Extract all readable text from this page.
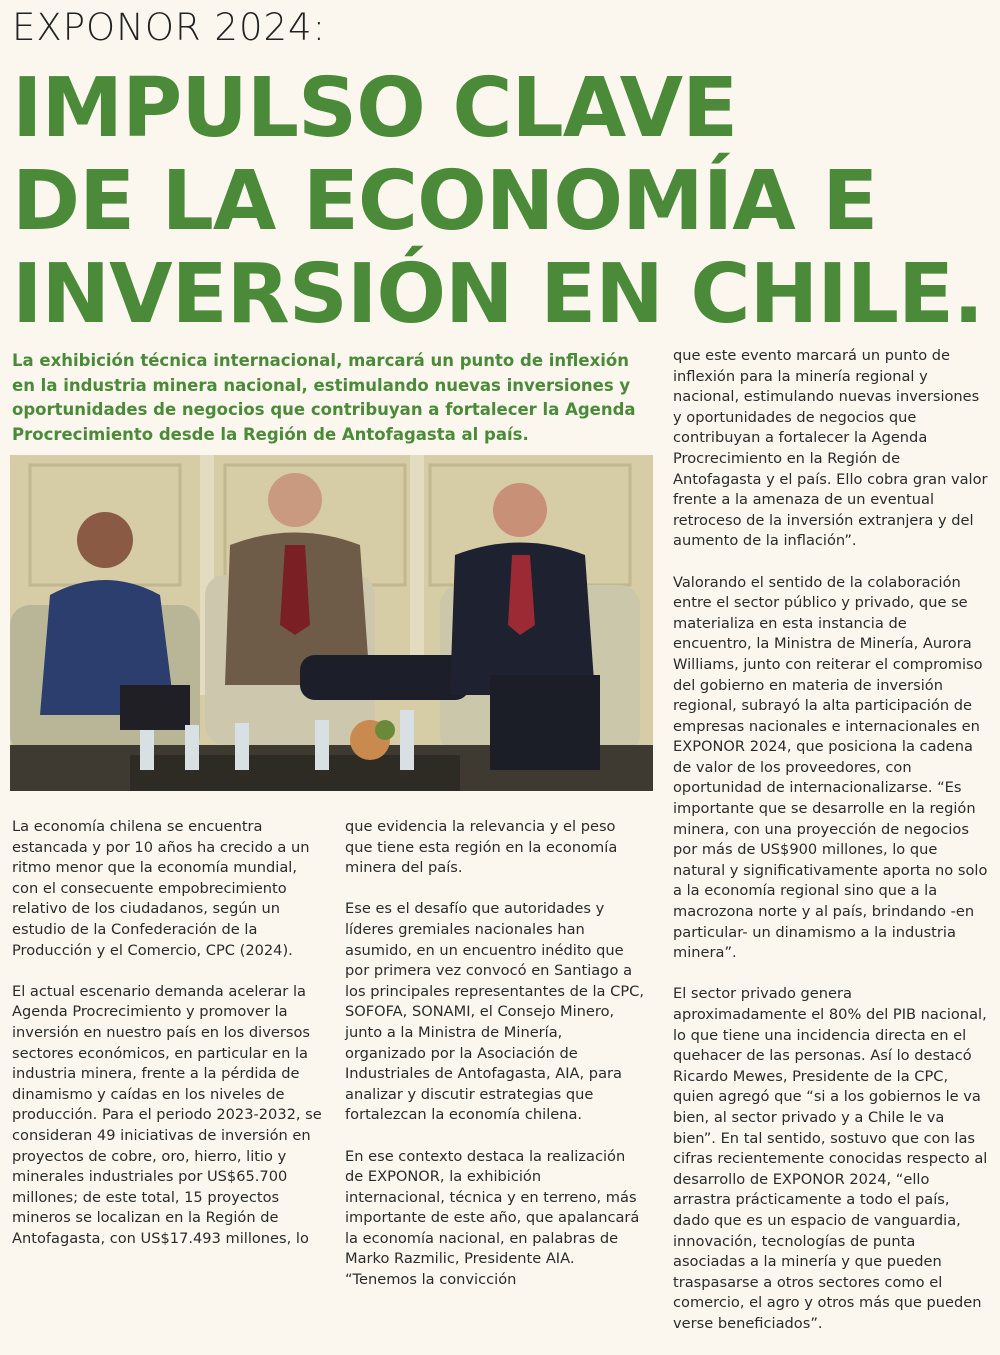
EXPONOR 2024:
IMPULSO CLAVE
DE LA ECONOMÍA E
INVERSIÓN EN CHILE.
La exhibición técnica internacional, marcará un punto de inflexión en la industria minera nacional, estimulando nuevas inversiones y oportunidades de negocios que contribuyan a fortalecer la Agenda Procrecimiento desde la Región de Antofagasta al país.

La economía chilena se encuentra estancada y por 10 años ha crecido a un ritmo menor que la economía mundial, con el consecuente empobrecimiento relativo de los ciudadanos, según un estudio de la Confederación de la Producción y el Comercio, CPC (2024).

El actual escenario demanda acelerar la Agenda Procrecimiento y promover la inversión en nuestro país en los diversos sectores económicos, en particular en la industria minera, frente a la pérdida de dinamismo y caídas en los niveles de producción. Para el periodo 2023-2032, se consideran 49 iniciativas de inversión en proyectos de cobre, oro, hierro, litio y minerales industriales por US$65.700 millones; de este total, 15 proyectos mineros se localizan en la Región de Antofagasta, con US$17.493 millones, lo

que evidencia la relevancia y el peso que tiene esta región en la economía minera del país.

Ese es el desafío que autoridades y líderes gremiales nacionales han asumido, en un encuentro inédito que por primera vez convocó en Santiago a los principales representantes de la CPC, SOFOFA, SONAMI, el Consejo Minero, junto a la Ministra de Minería, organizado por la Asociación de Industriales de Antofagasta, AIA, para analizar y discutir estrategias que fortalezcan la economía chilena.

En ese contexto destaca la realización de EXPONOR, la exhibición internacional, técnica y en terreno, más importante de este año, que apalancará la economía nacional, en palabras de Marko Razmilic, Presidente AIA. “Tenemos la convicción

que este evento marcará un punto de inflexión para la minería regional y nacional, estimulando nuevas inversiones y oportunidades de negocios que contribuyan a fortalecer la Agenda Procrecimiento en la Región de Antofagasta y el país. Ello cobra gran valor frente a la amenaza de un eventual retroceso de la inversión extranjera y del aumento de la inflación”.

Valorando el sentido de la colaboración entre el sector público y privado, que se materializa en esta instancia de encuentro, la Ministra de Minería, Aurora Williams, junto con reiterar el compromiso del gobierno en materia de inversión regional, subrayó la alta participación de empresas nacionales e internacionales en EXPONOR 2024, que posiciona la cadena de valor de los proveedores, con oportunidad de internacionalizarse. “Es importante que se desarrolle en la región minera, con una proyección de negocios por más de US$900 millones, lo que natural y significativamente aporta no solo a la economía regional sino que a la macrozona norte y al país, brindando -en particular- un dinamismo a la industria minera”.

El sector privado genera aproximadamente el 80% del PIB nacional, lo que tiene una incidencia directa en el quehacer de las personas. Así lo destacó Ricardo Mewes, Presidente de la CPC, quien agregó que “si a los gobiernos le va bien, al sector privado y a Chile le va bien”. En tal sentido, sostuvo que con las cifras recientemente conocidas respecto al desarrollo de EXPONOR 2024, “ello arrastra prácticamente a todo el país, dado que es un espacio de vanguardia, innovación, tecnologías de punta asociadas a la minería y que pueden traspasarse a otros sectores como el comercio, el agro y otros más que pueden verse beneficiados”.
